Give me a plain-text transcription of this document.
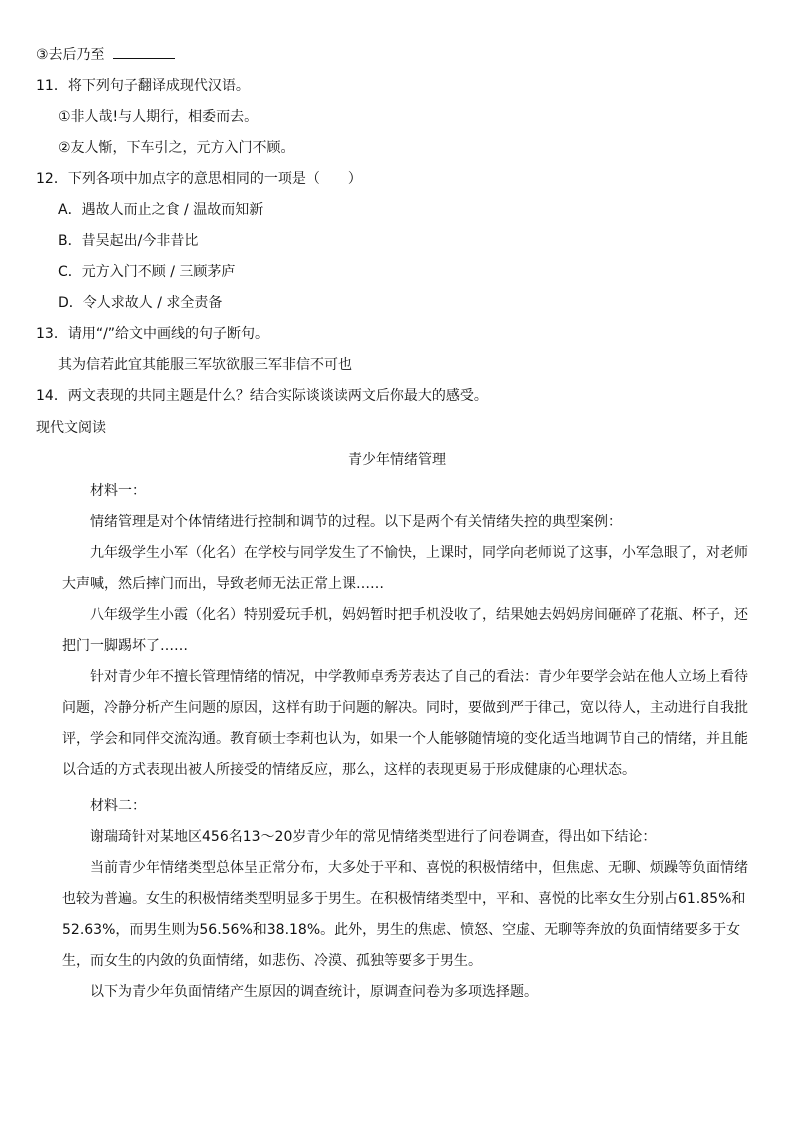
③去后乃至
11．将下列句子翻译成现代汉语。
①非人哉!与人期行，相委而去。
②友人惭，下车引之，元方入门不顾。
12．下列各项中加点字的意思相同的一项是（　　）
A．遇故人而止之食 / 温故而知新
B．昔吴起出/今非昔比
C．元方入门不顾 / 三顾茅庐
D．令人求故人 / 求全责备
13．请用“/”给文中画线的句子断句。
其为信若此宜其能服三军欤欲服三军非信不可也
14．两文表现的共同主题是什么？结合实际谈谈读两文后你最大的感受。
现代文阅读
青少年情绪管理
材料一：
情绪管理是对个体情绪进行控制和调节的过程。以下是两个有关情绪失控的典型案例：
九年级学生小军（化名）在学校与同学发生了不愉快，上课时，同学向老师说了这事，小军急眼了，对老师大声喊，然后摔门而出，导致老师无法正常上课……
八年级学生小霞（化名）特别爱玩手机，妈妈暂时把手机没收了，结果她去妈妈房间砸碎了花瓶、杯子，还把门一脚踢坏了……
针对青少年不擅长管理情绪的情况，中学教师卓秀芳表达了自己的看法：青少年要学会站在他人立场上看待问题，冷静分析产生问题的原因，这样有助于问题的解决。同时，要做到严于律己，宽以待人，主动进行自我批评，学会和同伴交流沟通。教育硕士李莉也认为，如果一个人能够随情境的变化适当地调节自己的情绪，并且能以合适的方式表现出被人所接受的情绪反应，那么，这样的表现更易于形成健康的心理状态。
材料二：
谢瑞琦针对某地区456名13～20岁青少年的常见情绪类型进行了问卷调查，得出如下结论：
当前青少年情绪类型总体呈正常分布，大多处于平和、喜悦的积极情绪中，但焦虑、无聊、烦躁等负面情绪也较为普遍。女生的积极情绪类型明显多于男生。在积极情绪类型中，平和、喜悦的比率女生分别占61.85%和52.63%，而男生则为56.56%和38.18%。此外，男生的焦虑、愤怒、空虚、无聊等奔放的负面情绪要多于女生，而女生的内敛的负面情绪，如悲伤、冷漠、孤独等要多于男生。
以下为青少年负面情绪产生原因的调查统计，原调查问卷为多项选择题。
